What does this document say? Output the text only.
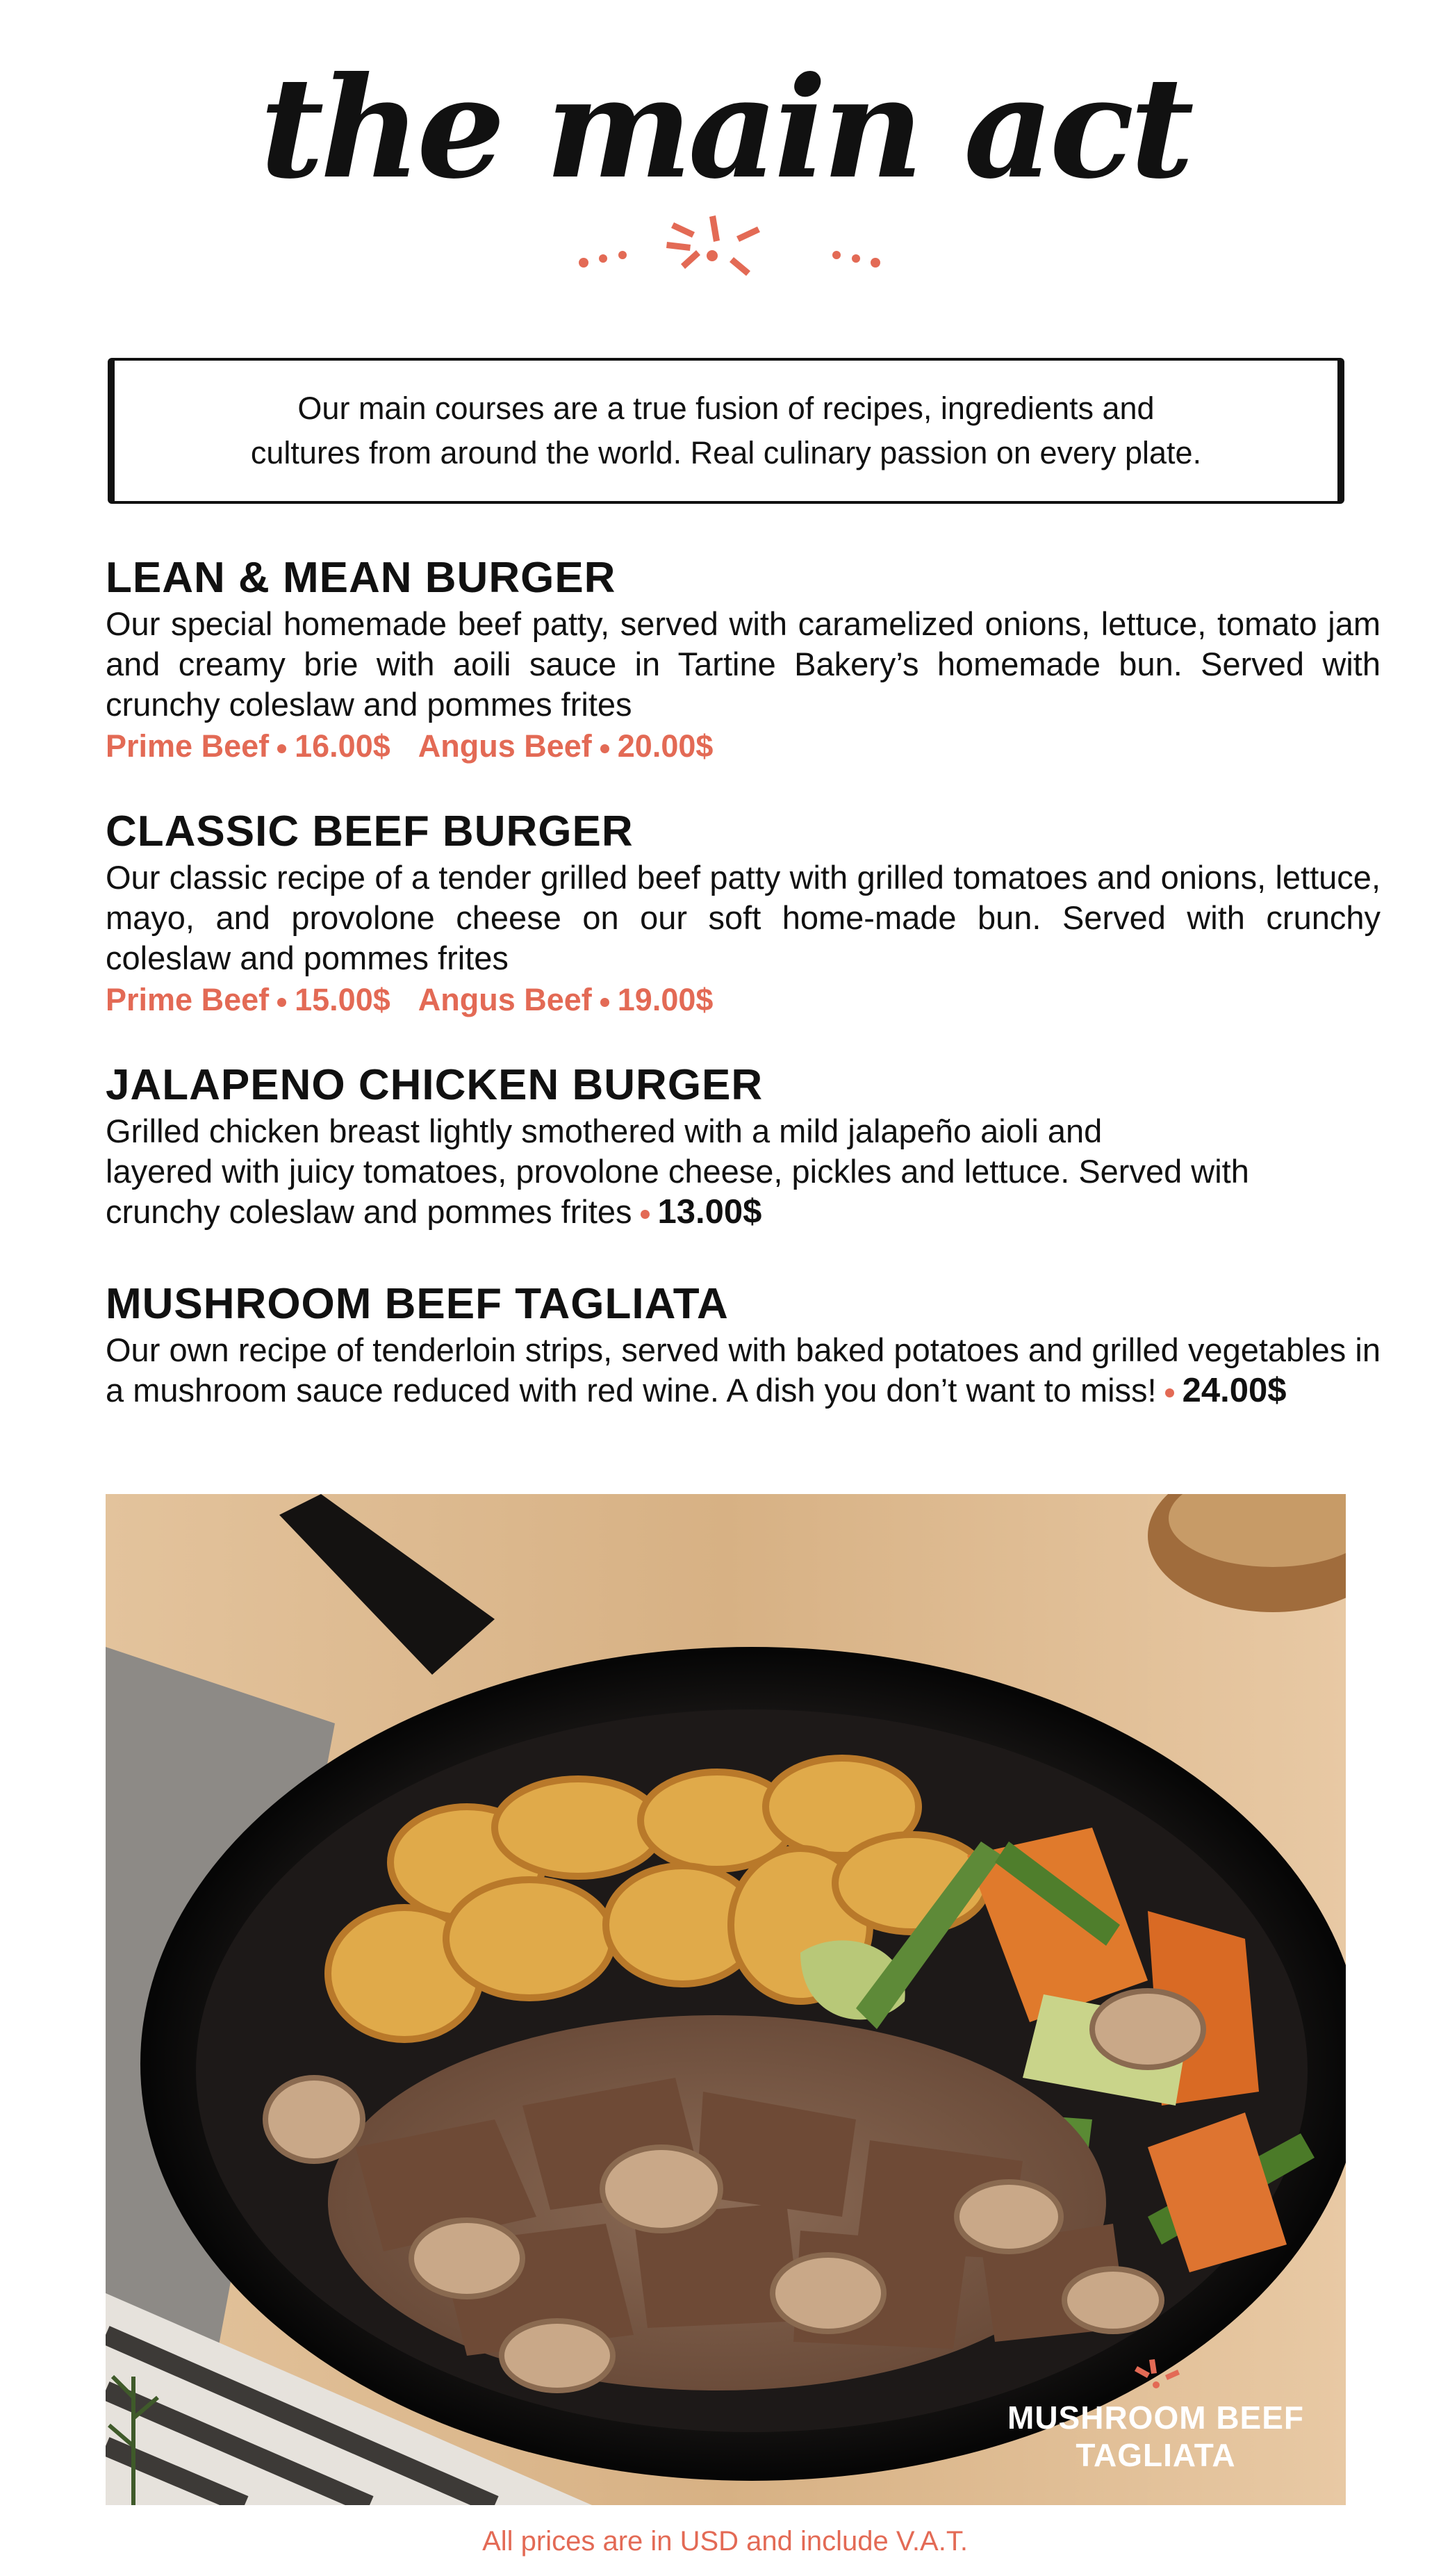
the main act
Our main courses are a true fusion of recipes, ingredients and
cultures from around the world. Real culinary passion on every plate.
LEAN & MEAN BURGER
Our special homemade beef patty, served with caramelized onions, lettuce, tomato jam and creamy brie with aoili sauce in Tartine Bakery’s homemade bun. Served with crunchy coleslaw and pommes frites
Prime Beef 16.00$ Angus Beef 20.00$
CLASSIC BEEF BURGER
Our classic recipe of a tender grilled beef patty with grilled tomatoes and onions, lettuce, mayo, and provolone cheese on our soft home-made bun. Served with crunchy coleslaw and pommes frites
Prime Beef 15.00$ Angus Beef 19.00$
JALAPENO CHICKEN BURGER
Grilled chicken breast lightly smothered with a mild jalapeño aioli and
layered with juicy tomatoes, provolone cheese, pickles and lettuce. Served with
crunchy coleslaw and pommes frites 13.00$
MUSHROOM BEEF TAGLIATA
Our own recipe of tenderloin strips, served with baked potatoes and grilled vegetables in a mushroom sauce reduced with red wine. A dish you don’t want to miss! 24.00$
MUSHROOM BEEF
TAGLIATA
All prices are in USD and include V.A.T.
